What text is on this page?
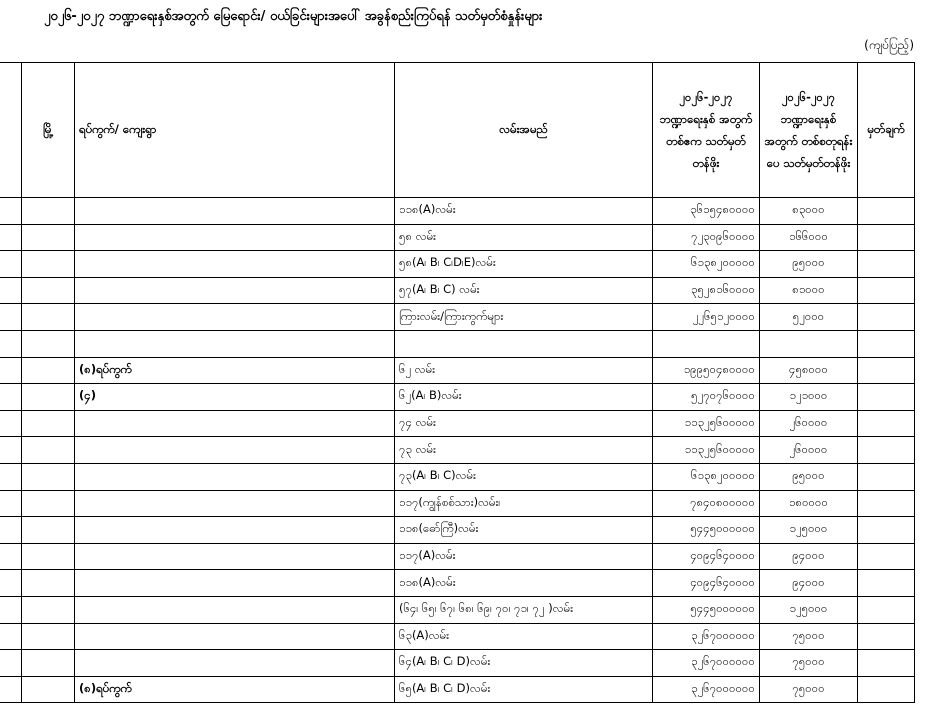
၂၀၂၆-၂၀၂၇ ဘဏ္ဍာရေးနှစ်အတွက် မြေရောင်း/ ဝယ်ခြင်းများအပေါ် အခွန်စည်းကြပ်ရန် သတ်မှတ်စံနှုန်းများ
(ကျပ်ပြည့်)
	မြို့	ရပ်ကွက်/ ကျေးရွာ	လမ်းအမည်	၂၀၂၆-၂၀၂၇ ဘဏ္ဍာရေးနှစ် အတွက် တစ်ဧက သတ်မှတ်တန်ဖိုး	၂၀၂၆-၂၀၂၇ ဘဏ္ဍာရေးနှစ် အတွက် တစ်စတုရန်းပေ သတ်မှတ်တန်ဖိုး	မှတ်ချက်
			၁၁၈(A)လမ်း	၃၆၁၅၄၈၀၀၀၀	၈၃၀၀၀	
			၅၈ လမ်း	၇၂၃၀၉၆၀၀၀၀	၁၆၆၀၀၀	
			၅၈(A၊ B၊ C၊D၊E)လမ်း	၆၁၃၈၂၀၀၀၀၀	၉၅၀၀၀	
			၅၇(A၊ B၊ C) လမ်း	၃၅၂၈၁၆၀၀၀၀	၈၁၀၀၀	
			ကြားလမ်း/ကြားကွက်များ	၂၂၆၅၁၂၀၀၀၀	၅၂၀၀၀	

		(၈)ရပ်ကွက်	၆၂ လမ်း	၁၉၉၅၀၄၈၀၀၀၀	၄၅၈၀၀၀	
		(၄)	၆၂(A၊ B)လမ်း	၅၂၇၀၇၆၀၀၀၀	၁၂၁၀၀၀	
			၇၄ လမ်း	၁၁၃၂၅၆၀၀၀၀၀	၂၆၀၀၀၀	
			၇၃ လမ်း	၁၁၃၂၅၆၀၀၀၀၀	၂၆၀၀၀၀	
			၇၃(A၊ B၊ C)လမ်း	၆၁၃၈၂၀၀၀၀၀	၉၅၀၀၀	
			၁၁၇(ကျွန်စစ်သား)လမ်း၊	၇၈၄၀၈၀၀၀၀၀	၁၈၀၀၀၀	
			၁၁၈(ဓော်ကြီ)လမ်း	၅၄၄၅၀၀၀၀၀၀	၁၂၅၀၀၀	
			၁၁၇(A)လမ်း	၄၀၉၄၆၄၀၀၀၀	၉၄၀၀၀	
			၁၁၈(A)လမ်း	၄၀၉၄၆၄၀၀၀၀	၉၄၀၀၀	
			(၆၄၊ ၆၅၊ ၆၇၊ ၆၈၊ ၆၉၊ ၇၀၊ ၇၁၊ ၇၂ )လမ်း	၅၄၄၅၀၀၀၀၀၀	၁၂၅၀၀၀	
			၆၃(A)လမ်း	၃၂၆၇၀၀၀၀၀၀	၇၅၀၀၀	
			၆၄(A၊ B၊ C၊ D)လမ်း	၃၂၆၇၀၀၀၀၀၀	၇၅၀၀၀	
		(၈)ရပ်ကွက်	၆၅(A၊ B၊ C၊ D)လမ်း	၃၂၆၇၀၀၀၀၀၀	၇၅၀၀၀	
